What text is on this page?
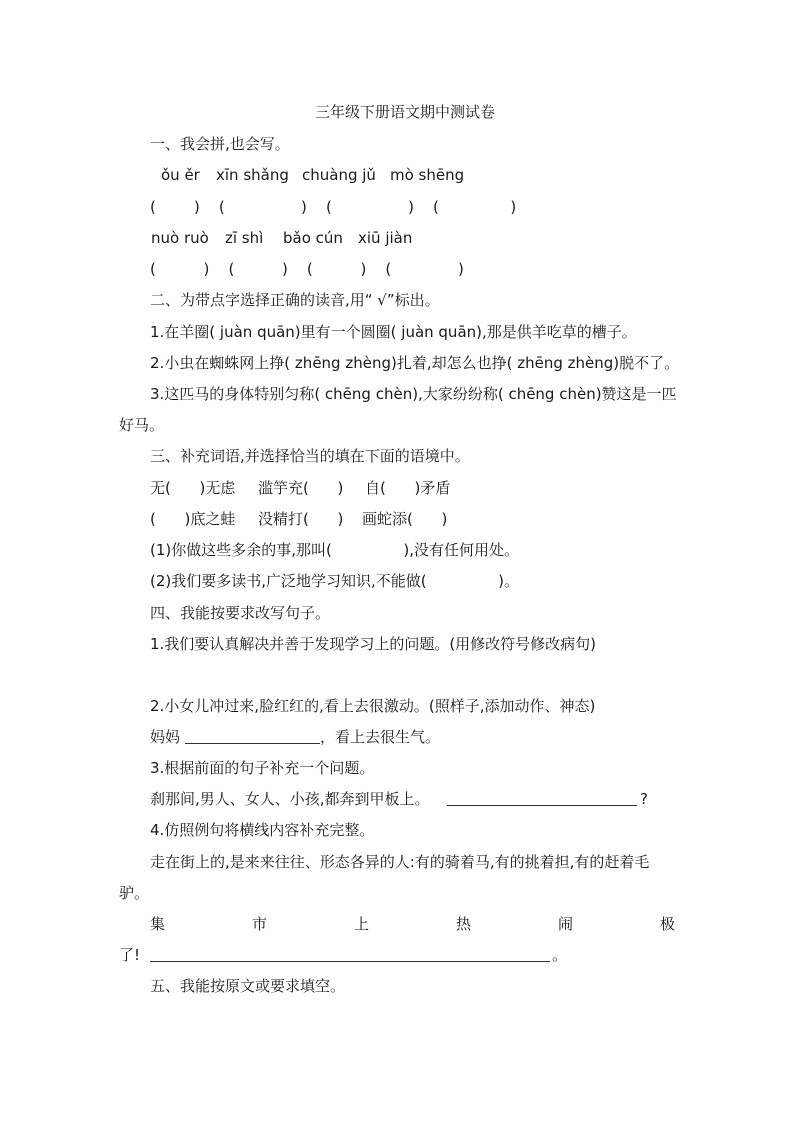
三年级下册语文期中测试卷
一、我会拼,也会写。
ǒu ěr xīn shǎng chuàng jǔ mò shēng
(        )    (                )    (                )    (               )
nuò ruò zī shì bǎo cún xiū jiàn
(          )    (          )    (          )    (              )
二、为带点字选择正确的读音,用“ √”标出。
1.在羊圈( juàn quān)里有一个圆圈( juàn quān),那是供羊吃草的槽子。
2.小虫在蜘蛛网上挣( zhēng zhèng)扎着,却怎么也挣( zhēng zhèng)脱不了。
3.这匹马的身体特别匀称( chēng chèn),大家纷纷称( chēng chèn)赞这是一匹
好马。
三、补充词语,并选择恰当的填在下面的语境中。
无(      )无虑 滥竽充(      ) 自(      )矛盾
(      )底之蛙 没精打(      ) 画蛇添(      )
(1)你做这些多余的事,那叫(               ),没有任何用处。
(2)我们要多读书,广泛地学习知识,不能做(               )。
四、我能按要求改写句子。
1.我们要认真解决并善于发现学习上的问题。(用修改符号修改病句)
2.小女儿冲过来,脸红红的,看上去很激动。(照样子,添加动作、神态)
妈妈	，看上去很生气。
3.根据前面的句子补充一个问题。
刹那间,男人、女人、小孩,都奔到甲板上。	?
4.仿照例句将横线内容补充完整。
走在街上的,是来来往往、形态各异的人:有的骑着马,有的挑着担,有的赶着毛
驴。
集	市	上	热	闹	极
了!	。
五、我能按原文或要求填空。
